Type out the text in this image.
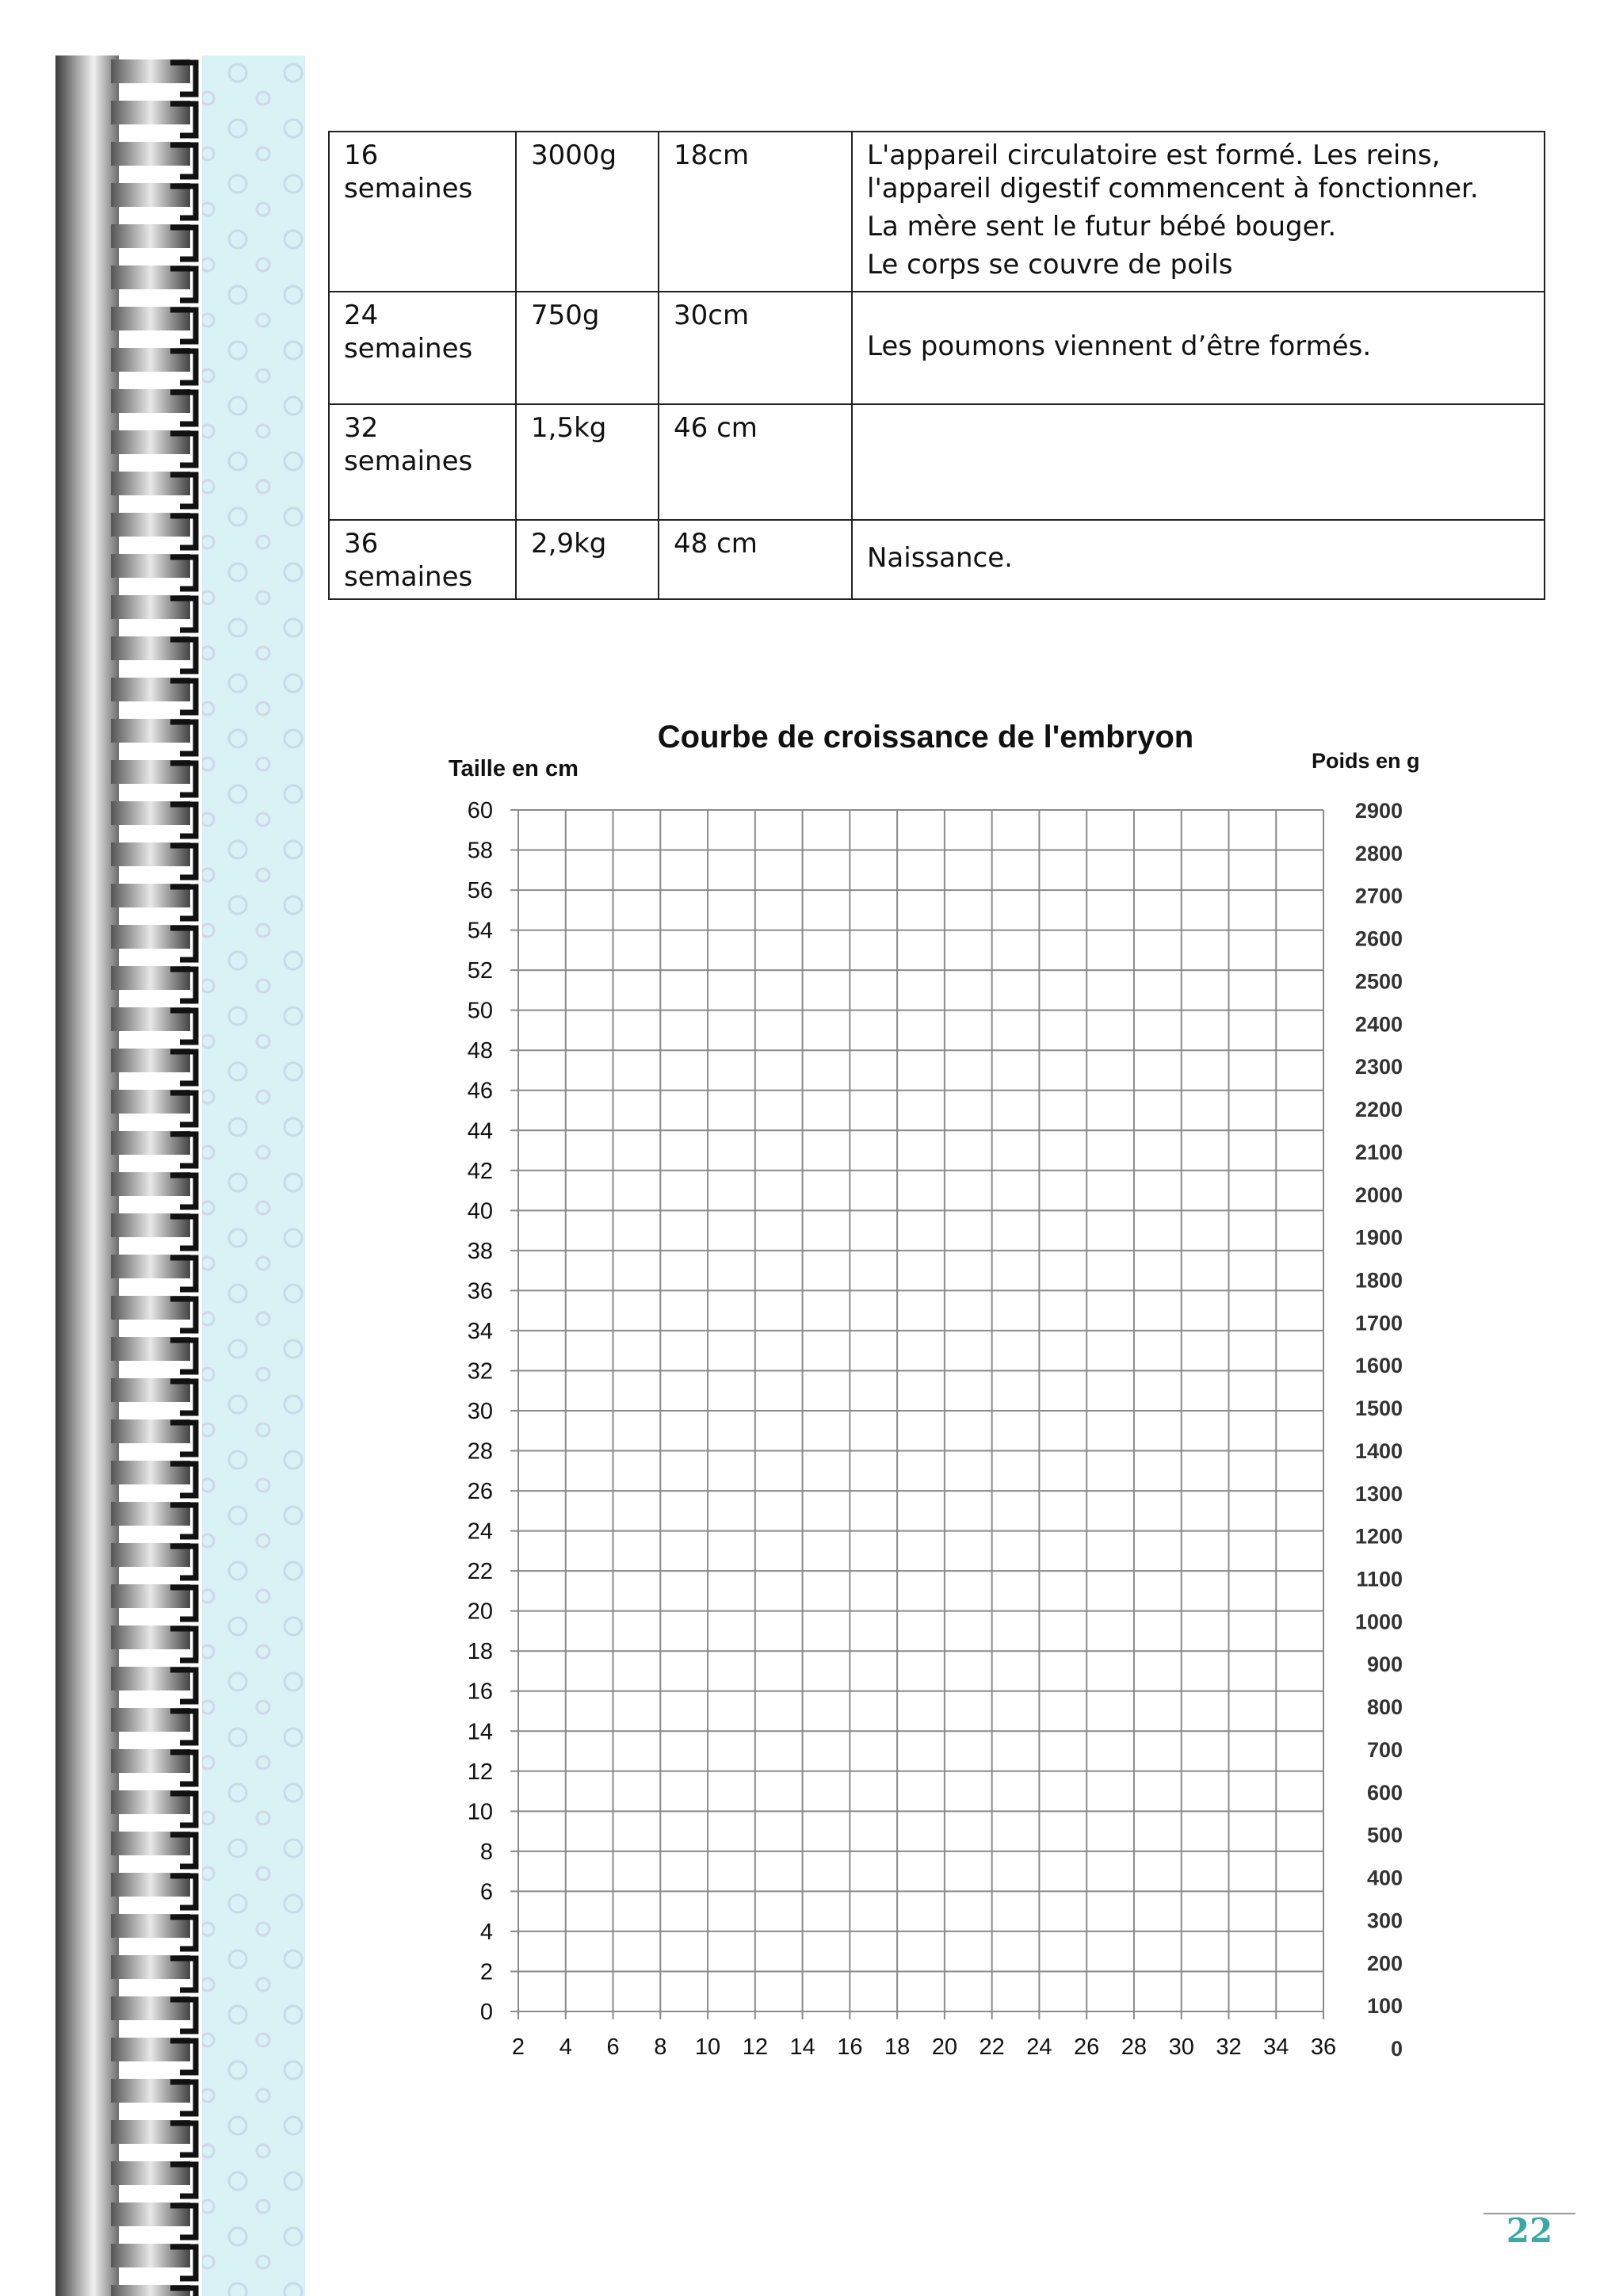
16 semaines	3000g	18cm	L'appareil circulatoire est formé. Les reins, l'appareil digestif commencent à fonctionner.

La mère sent le futur bébé bouger.

Le corps se couvre de poils

24 semaines	750g	30cm	Les poumons viennent d’être formés.

32 semaines	1,5kg	46 cm	
36 semaines	2,9kg	48 cm	Naissance.

Courbe de croissance de l'embryon
Taille en cm	Poids en g
0
2
4
6
8
10
12
14
16
18
20
22
24
26
28
30
32
34
36
38
40
42
44
46
48
50
52
54
56
58
60
0
100
200
300
400
500
600
700
800
900
1000
1100
1200
1300
1400
1500
1600
1700
1800
1900
2000
2100
2200
2300
2400
2500
2600
2700
2800
2900
2 4 6 8 10 12 14 16 18 20 22 24 26 28 30 32 34 36
22
